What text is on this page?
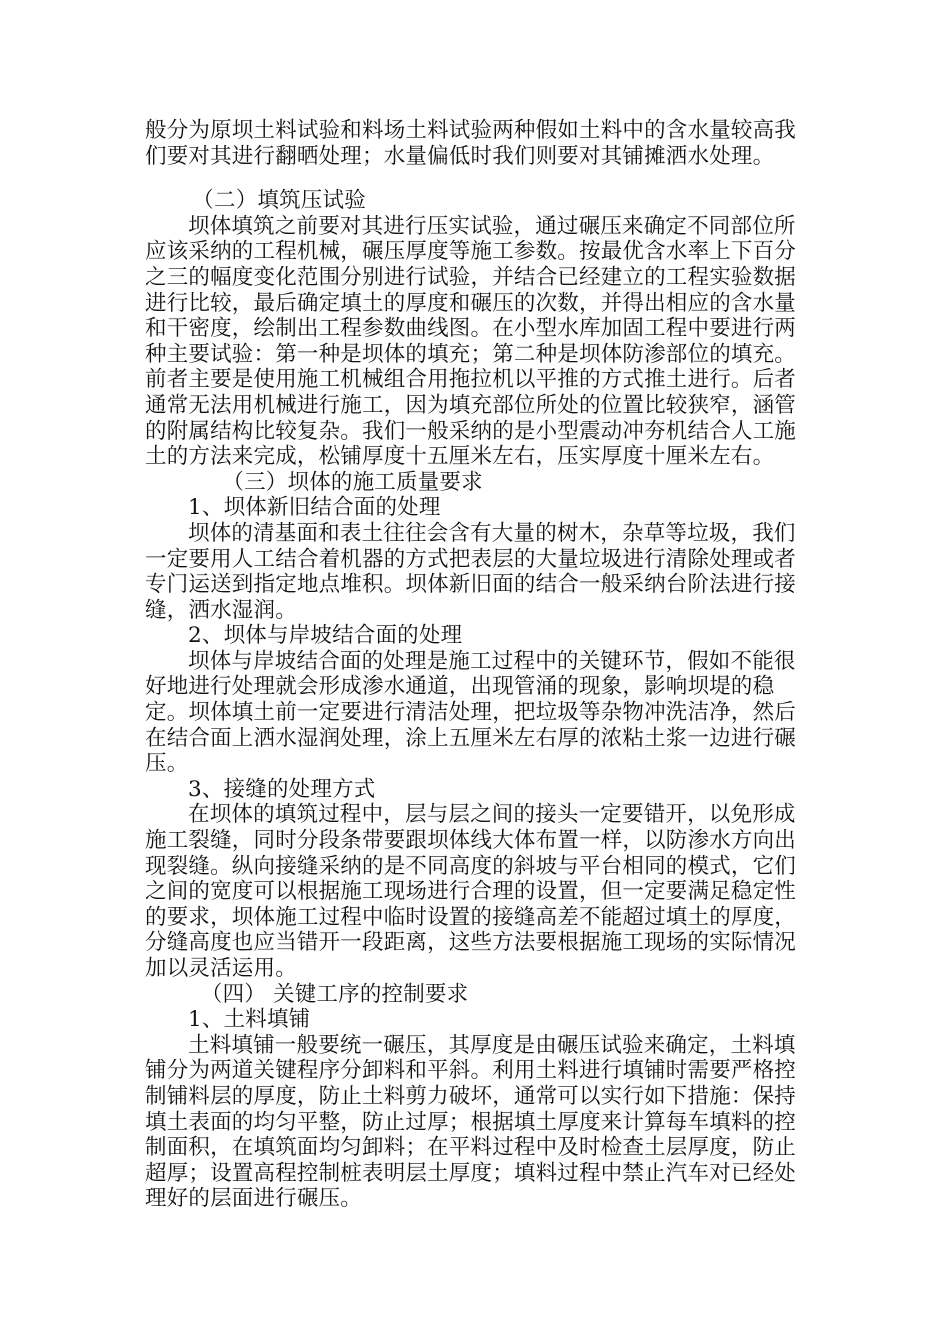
般分为原坝土料试验和料场土料试验两种假如土料中的含水量较高我们要对其进行翻晒处理；水量偏低时我们则要对其铺摊洒水处理。

（二）填筑压试验

坝体填筑之前要对其进行压实试验，通过碾压来确定不同部位所应该采纳的工程机械，碾压厚度等施工参数。按最优含水率上下百分之三的幅度变化范围分别进行试验，并结合已经建立的工程实验数据进行比较，最后确定填土的厚度和碾压的次数，并得出相应的含水量和干密度，绘制出工程参数曲线图。在小型水库加固工程中要进行两种主要试验：第一种是坝体的填充；第二种是坝体防渗部位的填充。前者主要是使用施工机械组合用拖拉机以平推的方式推土进行。后者通常无法用机械进行施工，因为填充部位所处的位置比较狭窄，涵管的附属结构比较复杂。我们一般采纳的是小型震动冲夯机结合人工施土的方法来完成，松铺厚度十五厘米左右，压实厚度十厘米左右。

（三）坝体的施工质量要求

1、坝体新旧结合面的处理

坝体的清基面和表土往往会含有大量的树木，杂草等垃圾，我们一定要用人工结合着机器的方式把表层的大量垃圾进行清除处理或者专门运送到指定地点堆积。坝体新旧面的结合一般采纳台阶法进行接缝，洒水湿润。

2、坝体与岸坡结合面的处理

坝体与岸坡结合面的处理是施工过程中的关键环节，假如不能很好地进行处理就会形成渗水通道，出现管涌的现象，影响坝堤的稳定。坝体填土前一定要进行清洁处理，把垃圾等杂物冲洗洁净，然后在结合面上洒水湿润处理，涂上五厘米左右厚的浓粘土浆一边进行碾压。

3、接缝的处理方式

在坝体的填筑过程中，层与层之间的接头一定要错开，以免形成施工裂缝，同时分段条带要跟坝体线大体布置一样，以防渗水方向出现裂缝。纵向接缝采纳的是不同高度的斜坡与平台相同的模式，它们之间的宽度可以根据施工现场进行合理的设置，但一定要满足稳定性的要求，坝体施工过程中临时设置的接缝高差不能超过填土的厚度，分缝高度也应当错开一段距离，这些方法要根据施工现场的实际情况加以灵活运用。

（四） 关键工序的控制要求

1、土料填铺

土料填铺一般要统一碾压，其厚度是由碾压试验来确定，土料填铺分为两道关键程序分卸料和平斜。利用土料进行填铺时需要严格控制铺料层的厚度，防止土料剪力破坏，通常可以实行如下措施：保持填土表面的均匀平整，防止过厚；根据填土厚度来计算每车填料的控制面积，在填筑面均匀卸料；在平料过程中及时检查土层厚度，防止超厚；设置高程控制桩表明层土厚度；填料过程中禁止汽车对已经处理好的层面进行碾压。
